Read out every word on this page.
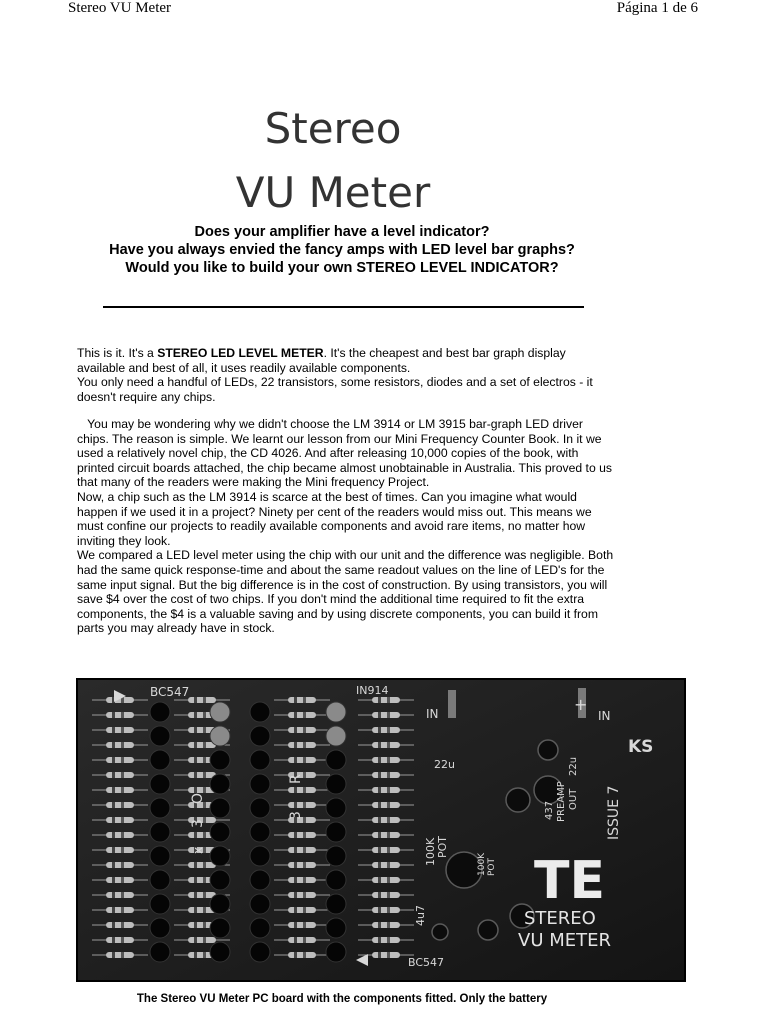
Stereo VU Meter	Página 1 de 6
Stereo
VU Meter
Does your amplifier have a level indicator?
Have you always envied the fancy amps with LED level bar graphs?
Would you like to build your own STEREO LEVEL INDICATOR?

This is it. It's a STEREO LED LEVEL METER. It's the cheapest and best bar graph display available and best of all, it uses readily available components.

You only need a handful of LEDs, 22 transistors, some resistors, diodes and a set of electros - it doesn't require any chips.

You may be wondering why we didn't choose the LM 3914 or LM 3915 bar-graph LED driver chips. The reason is simple. We learnt our lesson from our Mini Frequency Counter Book. In it we used a relatively novel chip, the CD 4026. And after releasing 10,000 copies of the book, with printed circuit boards attached, the chip became almost unobtainable in Australia. This proved to us that many of the readers were making the Mini frequency Project.

Now, a chip such as the LM 3914 is scarce at the best of times. Can you imagine what would happen if we used it in a project? Ninety per cent of the readers would miss out. This means we must confine our projects to readily available components and avoid rare items, no matter how inviting they look.

We compared a LED level meter using the chip with our unit and the difference was negligible. Both had the same quick response-time and about the same readout values on the line of LED's for the same input signal. But the big difference is in the cost of construction. By using transistors, you will save $4 over the cost of two chips. If you don't mind the additional time required to fit the extra components, the $4 is a valuable saving and by using discrete components, you can build it from parts you may already have in stock.

BC547	IN914
IN	IN
+
KS
ISSUE 7
22u	22u
PREAMP OUT
437
100K POT
100K POT
4u7
TE
STEREO
VU METER
BC547
3
3
R
O
x
The Stereo VU Meter PC board with the components fitted. Only the battery
